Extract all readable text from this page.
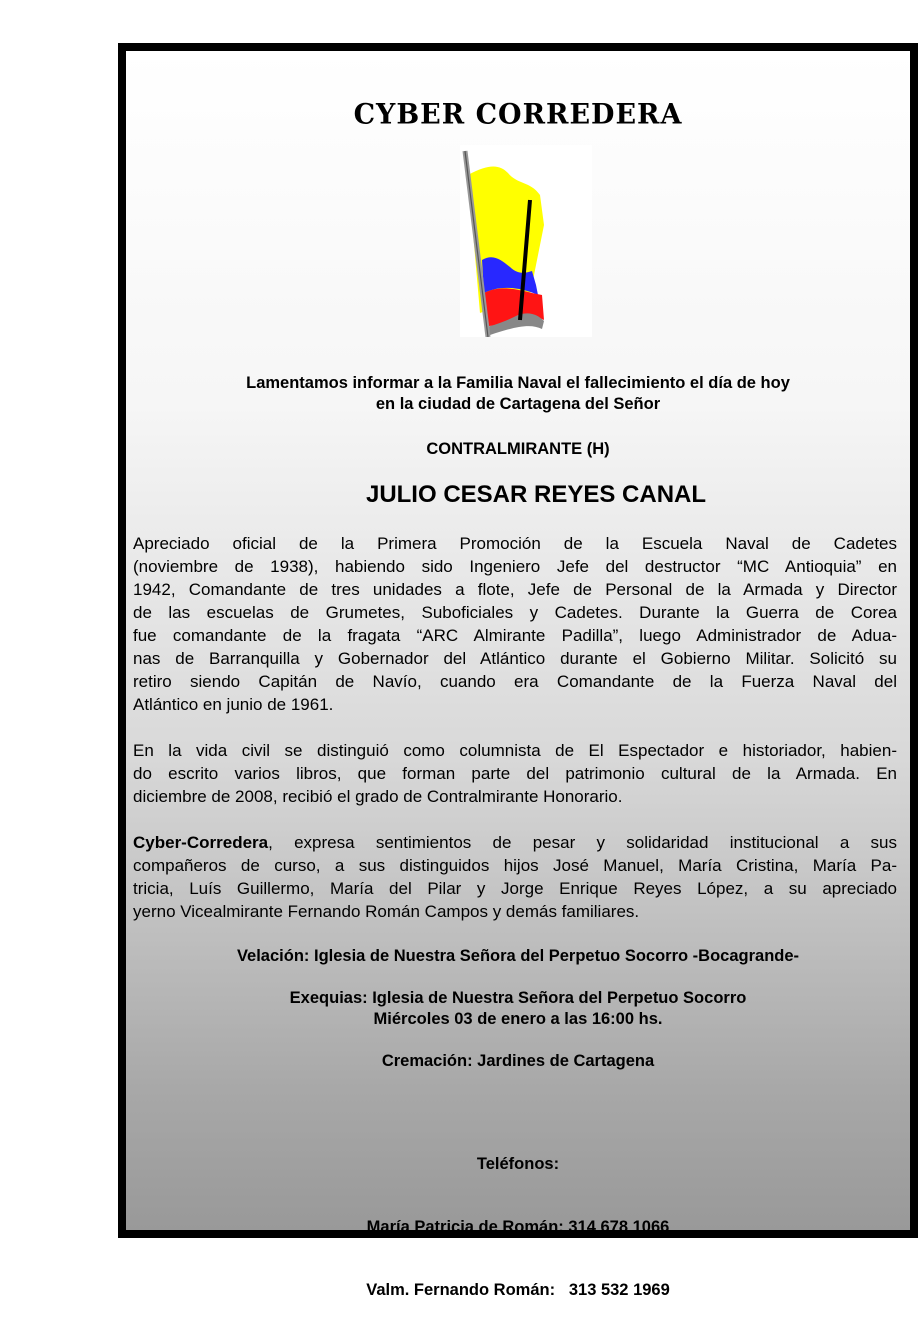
CYBER CORREDERA
Lamentamos informar a la Familia Naval el fallecimiento el día de hoy
en la ciudad de Cartagena del Señor
CONTRALMIRANTE (H)
JULIO CESAR REYES CANAL
Apreciado oficial de la Primera Promoción de la Escuela Naval de Cadetes
(noviembre de 1938), habiendo sido Ingeniero Jefe del destructor “MC Antioquia” en
1942, Comandante de tres unidades a flote, Jefe de Personal de la Armada y Director
de las escuelas de Grumetes, Suboficiales y Cadetes. Durante la Guerra de Corea
fue comandante de la fragata “ARC Almirante Padilla”, luego Administrador de Adua-
nas de Barranquilla y Gobernador del Atlántico durante el Gobierno Militar. Solicitó su
retiro siendo Capitán de Navío, cuando era Comandante de la Fuerza Naval del
Atlántico en junio de 1961.
En la vida civil se distinguió como columnista de El Espectador e historiador, habien-
do escrito varios libros, que forman parte del patrimonio cultural de la Armada. En
diciembre de 2008, recibió el grado de Contralmirante Honorario.
Cyber-Corredera, expresa sentimientos de pesar y solidaridad institucional a sus
compañeros de curso, a sus distinguidos hijos José Manuel, María Cristina, María Pa-
tricia, Luís Guillermo, María del Pilar y Jorge Enrique Reyes López, a su apreciado
yerno Vicealmirante Fernando Román Campos y demás familiares.
Velación: Iglesia de Nuestra Señora del Perpetuo Socorro -Bocagrande-
Exequias: Iglesia de Nuestra Señora del Perpetuo Socorro
Miércoles 03 de enero a las 16:00 hs.
Cremación: Jardines de Cartagena

Teléfonos:

María Patricia de Román: 314 678 1066

Valm. Fernando Román:   313 532 1969
